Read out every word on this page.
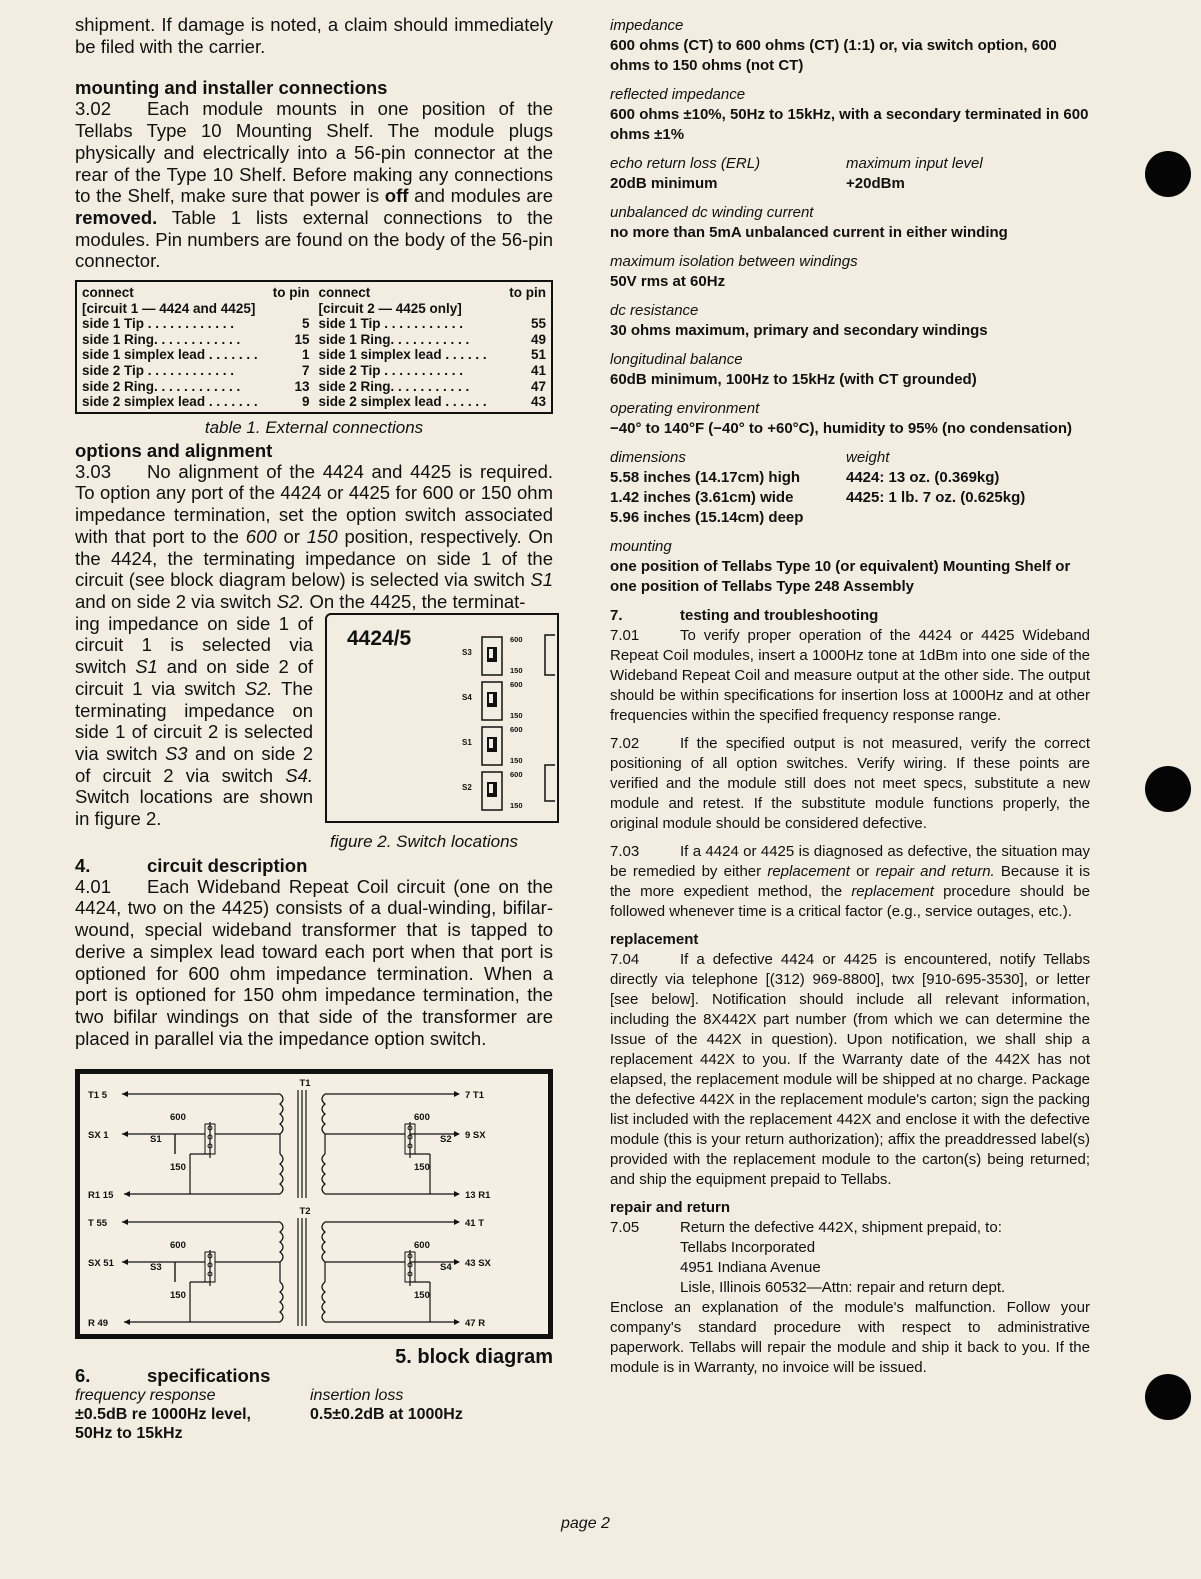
shipment. If damage is noted, a claim should immediately be filed with the carrier.

mounting and installer connections

3.02 Each module mounts in one position of the Tellabs Type 10 Mounting Shelf. The module plugs physically and electrically into a 56-pin connector at the rear of the Type 10 Shelf. Before making any connections to the Shelf, make sure that power is off and modules are removed. Table 1 lists external connections to the modules. Pin numbers are found on the body of the 56-pin connector.

connect	to pin
[circuit 1 — 4424 and 4425]
side 1 Tip . . . . . . . . . . . .	5
side 1 Ring. . . . . . . . . . . .	15
side 1 simplex lead . . . . . . .	1
side 2 Tip . . . . . . . . . . . .	7
side 2 Ring. . . . . . . . . . . .	13
side 2 simplex lead . . . . . . .	9
connect	to pin
[circuit 2 — 4425 only]
side 1 Tip . . . . . . . . . . .	55
side 1 Ring. . . . . . . . . . .	49
side 1 simplex lead . . . . . .	51
side 2 Tip . . . . . . . . . . .	41
side 2 Ring. . . . . . . . . . .	47
side 2 simplex lead . . . . . .	43

table 1. External connections

options and alignment

3.03 No alignment of the 4424 and 4425 is required. To option any port of the 4424 or 4425 for 600 or 150 ohm impedance termination, set the option switch associated with that port to the 600 or 150 position, respectively. On the 4424, the terminating impedance on side 1 of the circuit (see block diagram below) is selected via switch S1 and on side 2 via switch S2. On the 4425, the terminat-

ing impedance on side 1 of circuit 1 is selected via switch S1 and on side 2 of circuit 1 via switch S2. The terminating impedance on side 1 of circuit 2 is selected via switch S3 and on side 2 of circuit 2 via switch S4. Switch locations are shown in figure 2.

4424/5
S3
600
150
S4
600
150
S1
600
150
S2
600
150

figure 2. Switch locations

4.	circuit description

4.01 Each Wideband Repeat Coil circuit (one on the 4424, two on the 4425) consists of a dual-winding, bifilar-wound, special wideband transformer that is tapped to derive a simplex lead toward each port when that port is optioned for 600 ohm impedance termination. When a port is optioned for 150 ohm impedance termination, the two bifilar windings on that side of the transformer are placed in parallel via the impedance option switch.

T1
T1 5
SX 1
R1 15
7 T1
9 SX
13 R1
600
150
S1
600
150
S2
T2
T 55
SX 51
R 49
41 T
43 SX
47 R
600
150
S3
600
150
S4

5. block diagram

6.	specifications

frequency response
±0.5dB re 1000Hz level, 50Hz to 15kHz
insertion loss
0.5±0.2dB at 1000Hz
impedance
600 ohms (CT) to 600 ohms (CT) (1:1) or, via switch option, 600 ohms to 150 ohms (not CT)
reflected impedance
600 ohms ±10%, 50Hz to 15kHz, with a secondary terminated in 600 ohms ±1%
echo return loss (ERL)
20dB minimum
maximum input level
+20dBm
unbalanced dc winding current
no more than 5mA unbalanced current in either winding
maximum isolation between windings
50V rms at 60Hz
dc resistance
30 ohms maximum, primary and secondary windings
longitudinal balance
60dB minimum, 100Hz to 15kHz (with CT grounded)
operating environment
−40° to 140°F (−40° to +60°C), humidity to 95% (no condensation)
dimensions
5.58 inches (14.17cm) high
1.42 inches (3.61cm) wide
5.96 inches (15.14cm) deep
weight
4424: 13 oz. (0.369kg)
4425: 1 lb. 7 oz. (0.625kg)
mounting
one position of Tellabs Type 10 (or equivalent) Mounting Shelf or one position of Tellabs Type 248 Assembly

7.	testing and troubleshooting

7.01	To verify proper operation of the 4424 or 4425 Wideband Repeat Coil modules, insert a 1000Hz tone at 1dBm into one side of the Wideband Repeat Coil and measure output at the other side. The output should be within specifications for insertion loss at 1000Hz and at other frequencies within the specified frequency response range.

7.02	If the specified output is not measured, verify the correct positioning of all option switches. Verify wiring. If these points are verified and the module still does not meet specs, substitute a new module and retest. If the substitute module functions properly, the original module should be considered defective.

7.03	If a 4424 or 4425 is diagnosed as defective, the situation may be remedied by either replacement or repair and return. Because it is the more expedient method, the replacement procedure should be followed whenever time is a critical factor (e.g., service outages, etc.).

replacement

7.04	If a defective 4424 or 4425 is encountered, notify Tellabs directly via telephone [(312) 969-8800], twx [910-695-3530], or letter [see below]. Notification should include all relevant information, including the 8X442X part number (from which we can determine the Issue of the 442X in question). Upon notification, we shall ship a replacement 442X to you. If the Warranty date of the 442X has not elapsed, the replacement module will be shipped at no charge. Package the defective 442X in the replacement module's carton; sign the packing list included with the replacement 442X and enclose it with the defective module (this is your return authorization); affix the preaddressed label(s) provided with the replacement module to the carton(s) being returned; and ship the equipment prepaid to Tellabs.

repair and return

7.05	Return the defective 442X, shipment prepaid, to:

Tellabs Incorporated

4951 Indiana Avenue

Lisle, Illinois 60532—Attn: repair and return dept.

Enclose an explanation of the module's malfunction. Follow your company's standard procedure with respect to administrative paperwork. Tellabs will repair the module and ship it back to you. If the module is in Warranty, no invoice will be issued.

page 2
